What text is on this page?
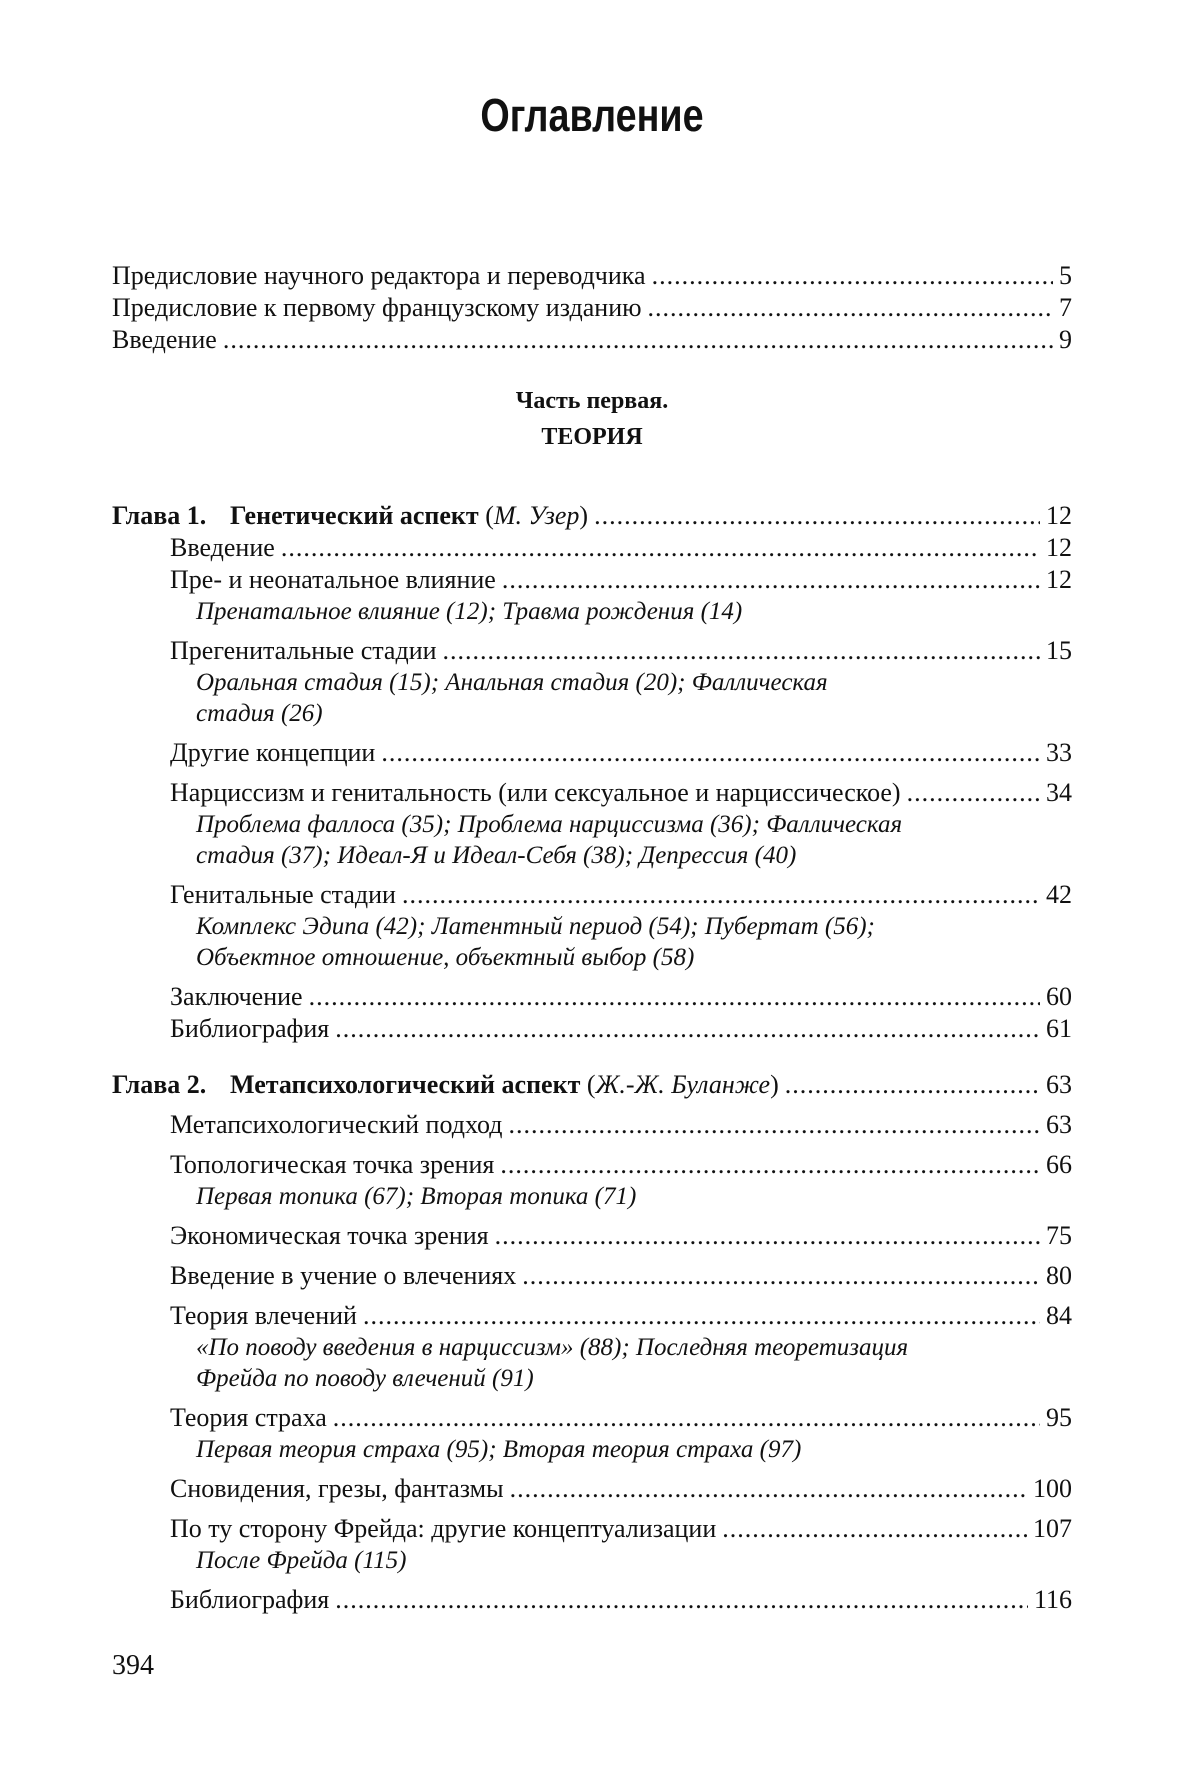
Оглавление
Предисловие научного редактора и переводчика .....	5
Предисловие к первому французскому изданию .....	7
Введение .....	9
Часть первая.
ТЕОРИЯ
Глава 1. Генетический аспект (М. Узер) .....	12
Введение .....	12
Пре- и неонатальное влияние .....	12
Пренатальное влияние (12); Травма рождения (14)
Прегенитальные стадии .....	15
Оральная стадия (15); Анальная стадия (20); Фаллическая
стадия (26)
Другие концепции .....	33
Нарциссизм и генитальность (или сексуальное и нарциссическое) .....	34
Проблема фаллоса (35); Проблема нарциссизма (36); Фаллическая
стадия (37); Идеал-Я и Идеал-Себя (38); Депрессия (40)
Генитальные стадии .....	42
Комплекс Эдипа (42); Латентный период (54); Пубертат (56);
Объектное отношение, объектный выбор (58)
Заключение .....	60
Библиография .....	61
Глава 2. Метапсихологический аспект (Ж.-Ж. Буланже) .....	63
Метапсихологический подход .....	63
Топологическая точка зрения .....	66
Первая топика (67); Вторая топика (71)
Экономическая точка зрения .....	75
Введение в учение о влечениях .....	80
Теория влечений .....	84
«По поводу введения в нарциссизм» (88); Последняя теоретизация
Фрейда по поводу влечений (91)
Теория страха .....	95
Первая теория страха (95); Вторая теория страха (97)
Сновидения, грезы, фантазмы .....	100
По ту сторону Фрейда: другие концептуализации .....	107
После Фрейда (115)
Библиография .....	116
394
